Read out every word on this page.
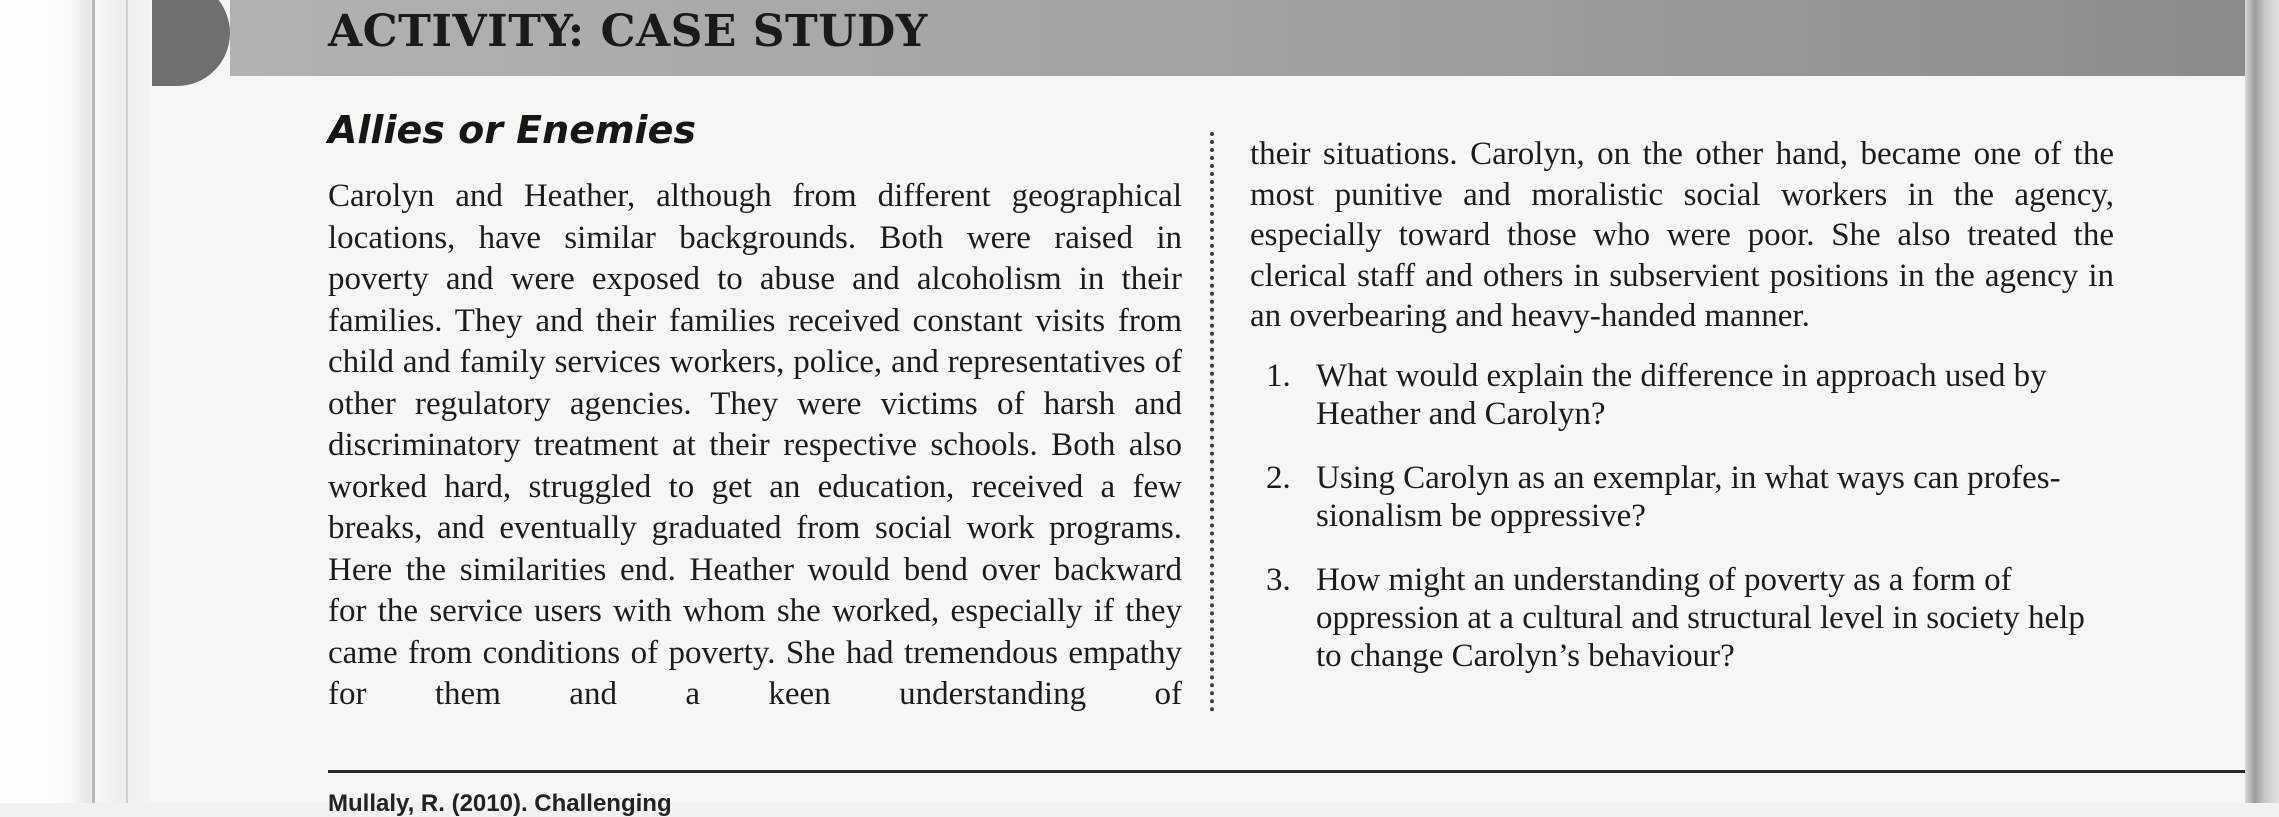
ACTIVITY: CASE STUDY
Allies or Enemies

Carolyn and Heather, although from different geographical locations, have similar backgrounds. Both were raised in poverty and were exposed to abuse and alcoholism in their families. They and their families received constant visits from child and family services workers, police, and representatives of other regulatory agencies. They were victims of harsh and discriminatory treatment at their respective schools. Both also worked hard, struggled to get an education, received a few breaks, and eventually graduated from social work programs. Here the similarities end. Heather would bend over backward for the service users with whom she worked, especially if they came from conditions of poverty. She had tremendous empathy for them and a keen understanding of

their situations. Carolyn, on the other hand, became one of the most punitive and moralistic social workers in the agency, especially toward those who were poor. She also treated the clerical staff and others in subservient positions in the agency in an overbearing and heavy-handed manner.

1. What would explain the difference in approach used by Heather and Carolyn?
2. Using Carolyn as an exemplar, in what ways can profes-sionalism be oppressive?
3. How might an understanding of poverty as a form of oppression at a cultural and structural level in society help to change Carolyn’s behaviour?
Mullaly, R. (2010). Challenging
